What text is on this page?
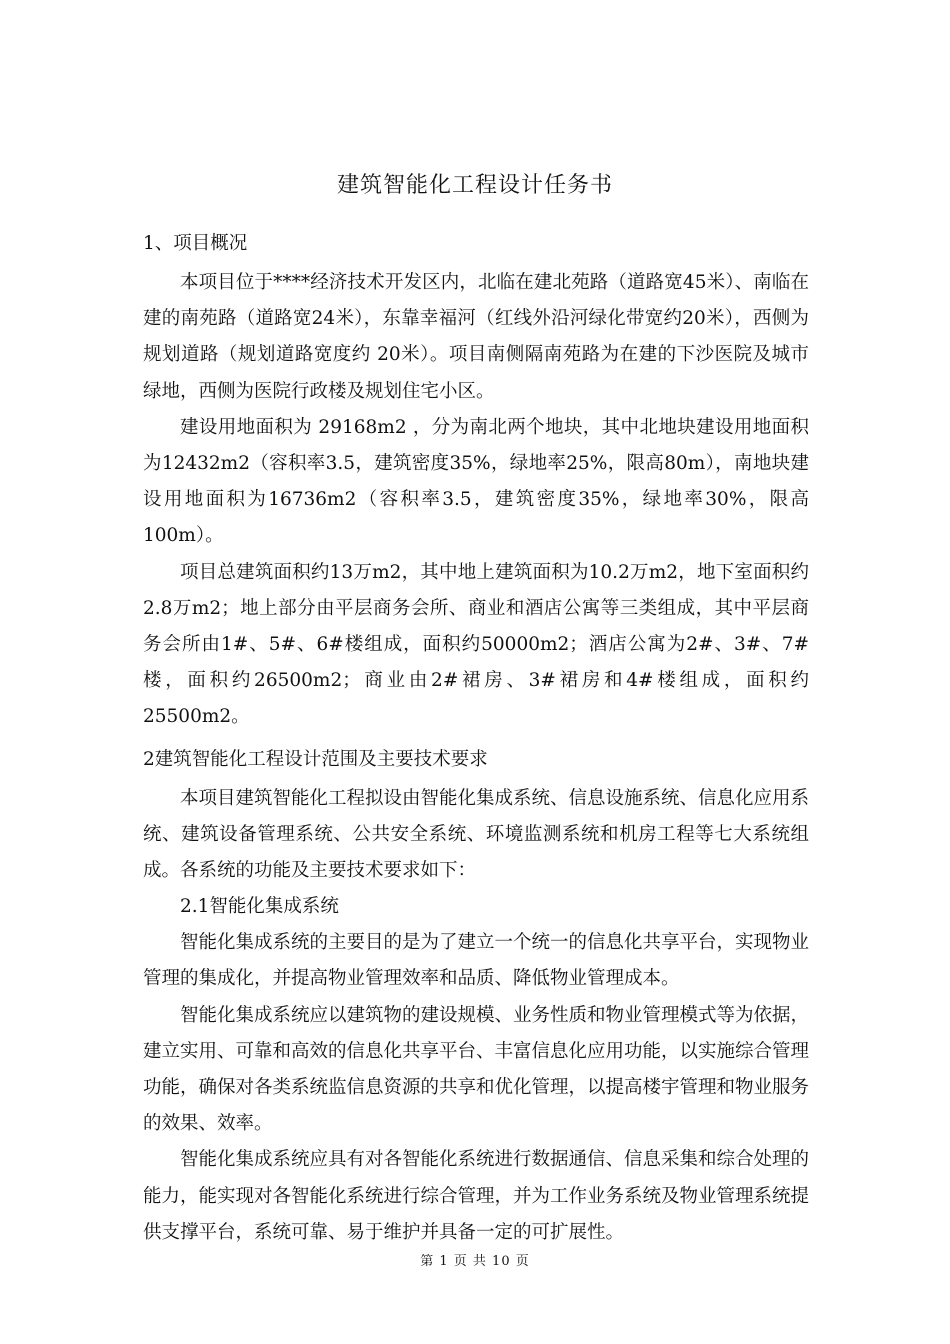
建筑智能化工程设计任务书
1、项目概况

本项目位于****经济技术开发区内，北临在建北苑路（道路宽45米）、南临在建的南苑路（道路宽24米），东靠幸福河（红线外沿河绿化带宽约20米），西侧为规划道路（规划道路宽度约 20米）。项目南侧隔南苑路为在建的下沙医院及城市绿地，西侧为医院行政楼及规划住宅小区。

建设用地面积为 29168m2 ，分为南北两个地块，其中北地块建设用地面积为12432m2（容积率3.5，建筑密度35%，绿地率25%，限高80m），南地块建设用地面积为16736m2（容积率3.5，建筑密度35%，绿地率30%，限高100m）。

项目总建筑面积约13万m2，其中地上建筑面积为10.2万m2，地下室面积约2.8万m2；地上部分由平层商务会所、商业和酒店公寓等三类组成，其中平层商务会所由1#、5#、6#楼组成，面积约50000m2；酒店公寓为2#、3#、7#楼，面积约26500m2；商业由2#裙房、3#裙房和4#楼组成，面积约25500m2。

2建筑智能化工程设计范围及主要技术要求

本项目建筑智能化工程拟设由智能化集成系统、信息设施系统、信息化应用系统、建筑设备管理系统、公共安全系统、环境监测系统和机房工程等七大系统组成。各系统的功能及主要技术要求如下：

2.1智能化集成系统

智能化集成系统的主要目的是为了建立一个统一的信息化共享平台，实现物业管理的集成化，并提高物业管理效率和品质、降低物业管理成本。

智能化集成系统应以建筑物的建设规模、业务性质和物业管理模式等为依据，建立实用、可靠和高效的信息化共享平台、丰富信息化应用功能，以实施综合管理功能，确保对各类系统监信息资源的共享和优化管理，以提高楼宇管理和物业服务的效果、效率。

智能化集成系统应具有对各智能化系统进行数据通信、信息采集和综合处理的能力，能实现对各智能化系统进行综合管理，并为工作业务系统及物业管理系统提供支撑平台，系统可靠、易于维护并具备一定的可扩展性。

第 1 页 共 10 页
